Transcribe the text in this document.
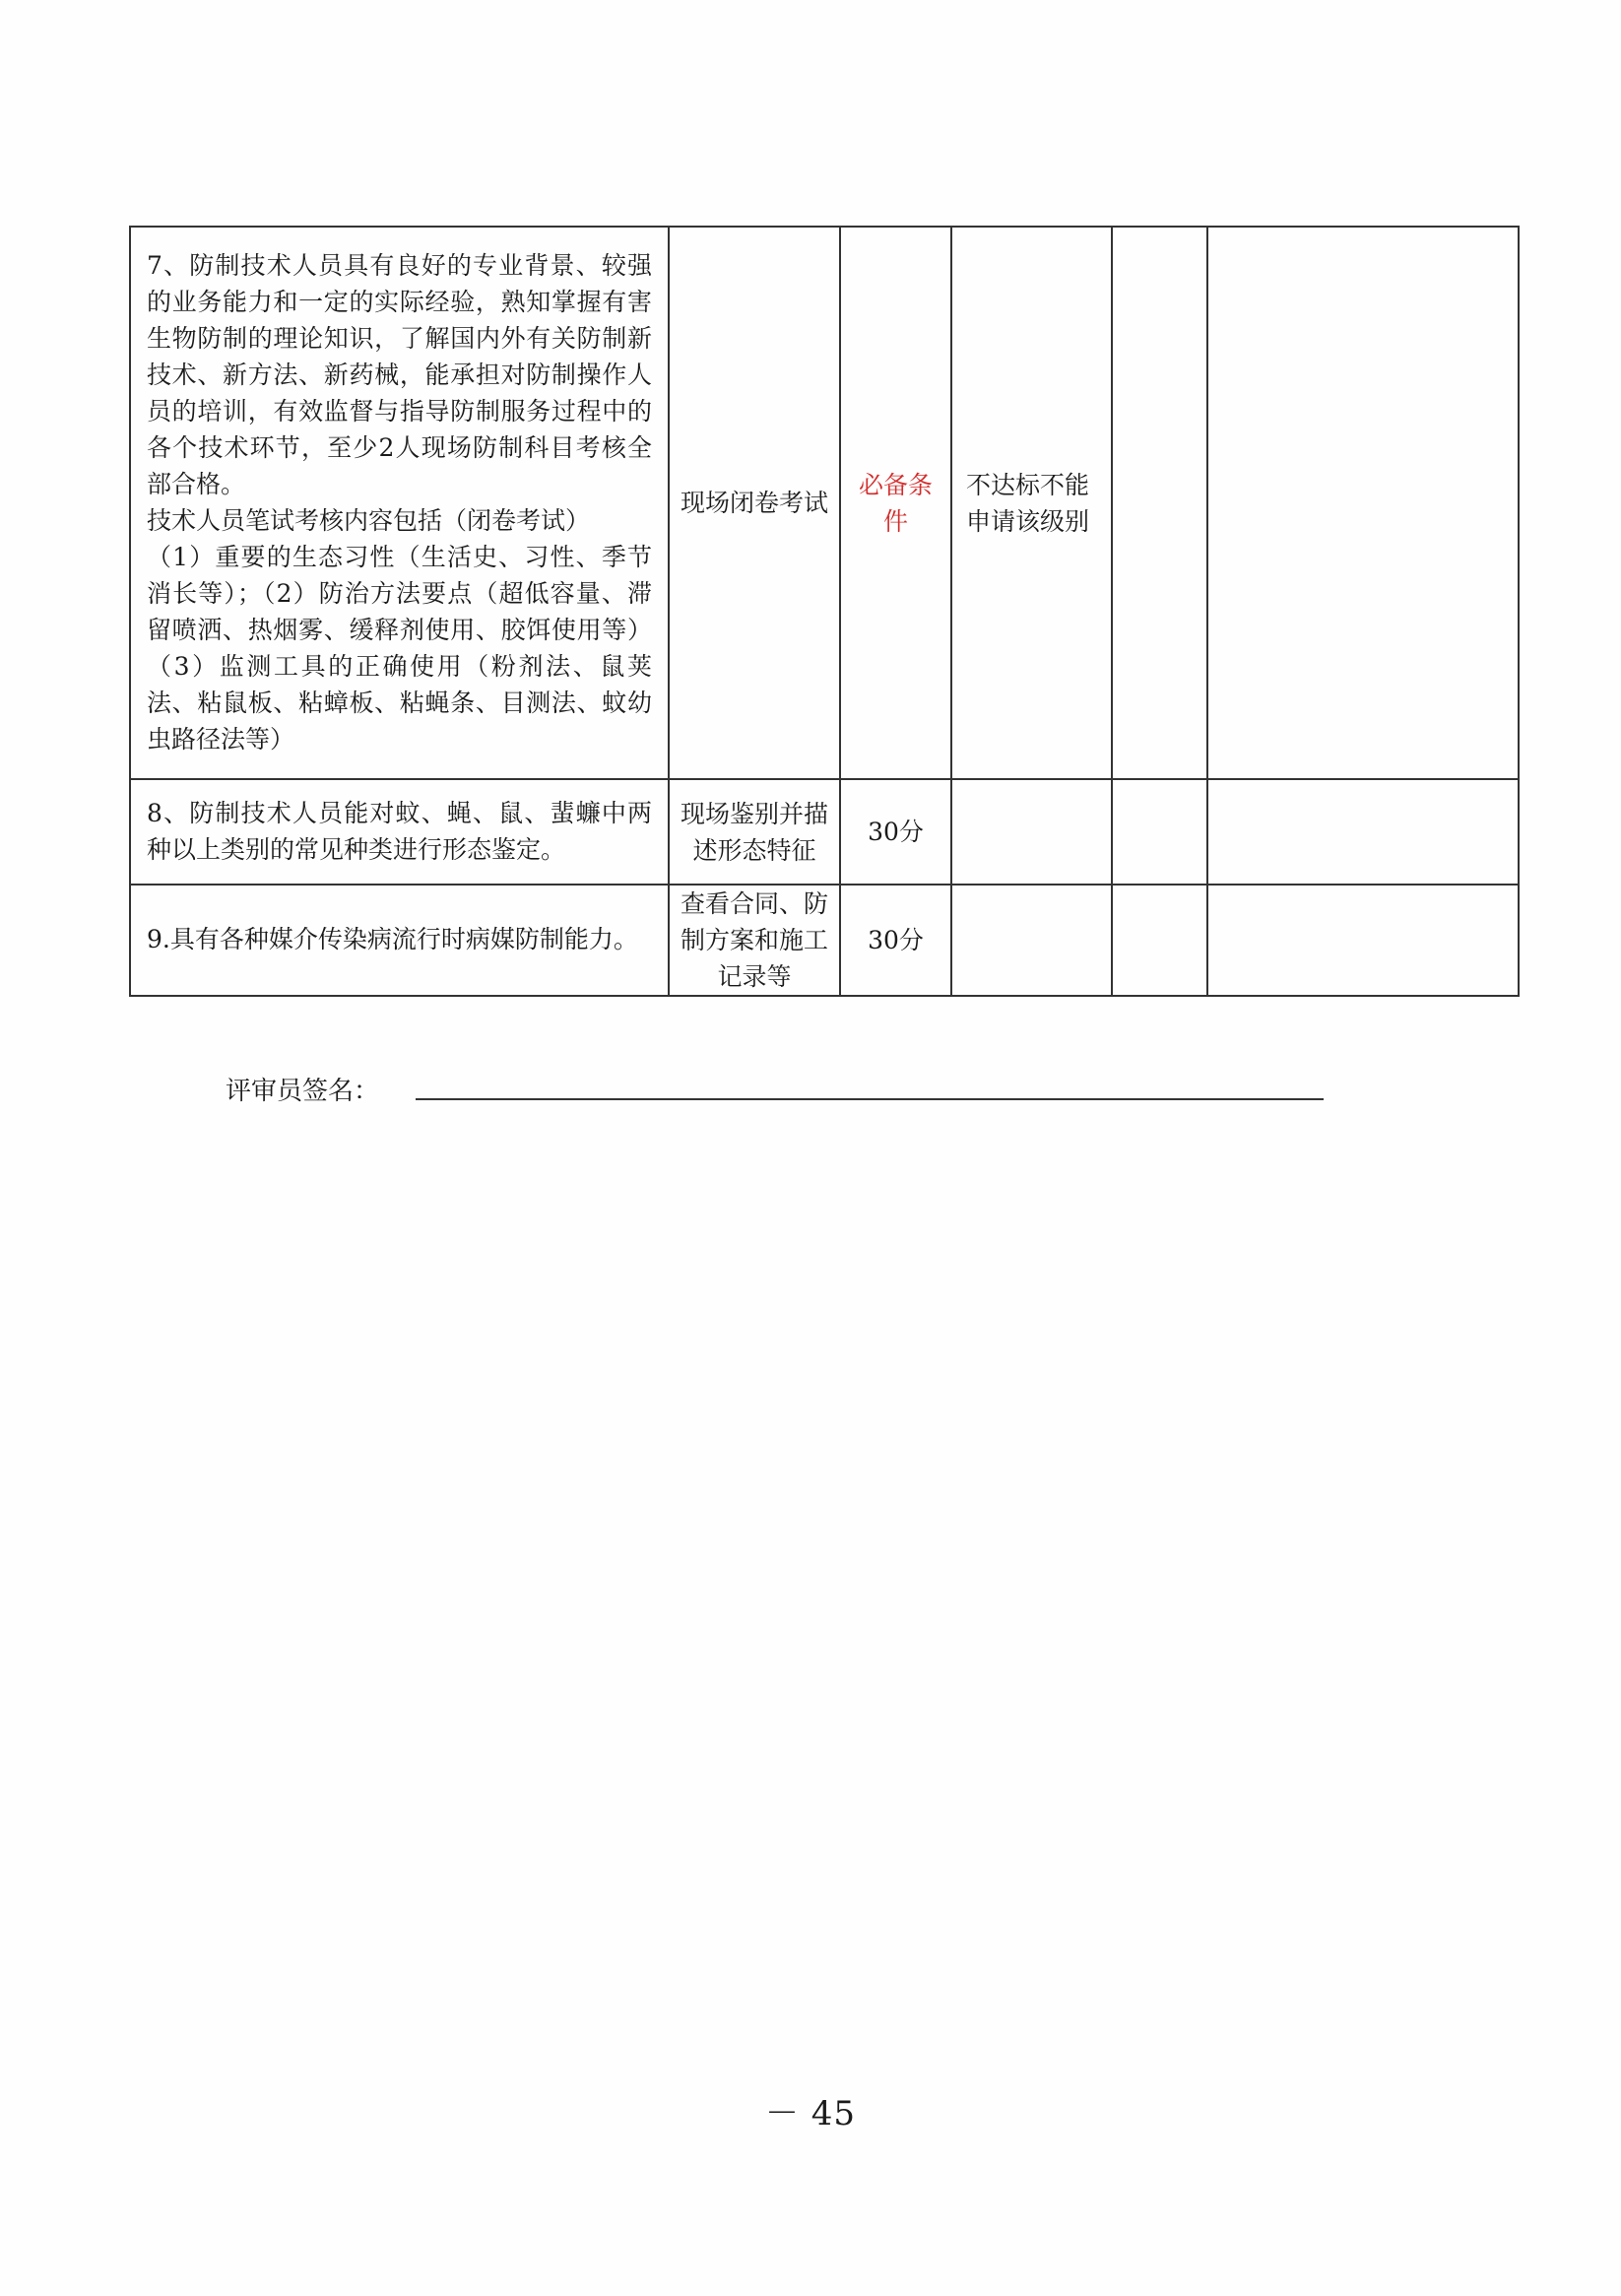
7、防制技术人员具有良好的专业背景、较强的业务能力和一定的实际经验，熟知掌握有害生物防制的理论知识，了解国内外有关防制新技术、新方法、新药械，能承担对防制操作人员的培训，有效监督与指导防制服务过程中的各个技术环节，至少2人现场防制科目考核全部合格。
技术人员笔试考核内容包括（闭卷考试）
（1）重要的生态习性（生活史、习性、季节消长等）；（2）防治方法要点（超低容量、滞留喷洒、热烟雾、缓释剂使用、胶饵使用等）（3）监测工具的正确使用（粉剂法、鼠荚法、粘鼠板、粘蟑板、粘蝇条、目测法、蚊幼虫路径法等）	现场闭卷考试	必备条件	不达标不能申请该级别		

8、防制技术人员能对蚊、蝇、鼠、蜚蠊中两种以上类别的常见种类进行形态鉴定。	现场鉴别并描述形态特征	30分			

9.具有各种媒介传染病流行时病媒防制能力。	查看合同、防制方案和施工记录等	30分			
评审员签名：
－ 45
